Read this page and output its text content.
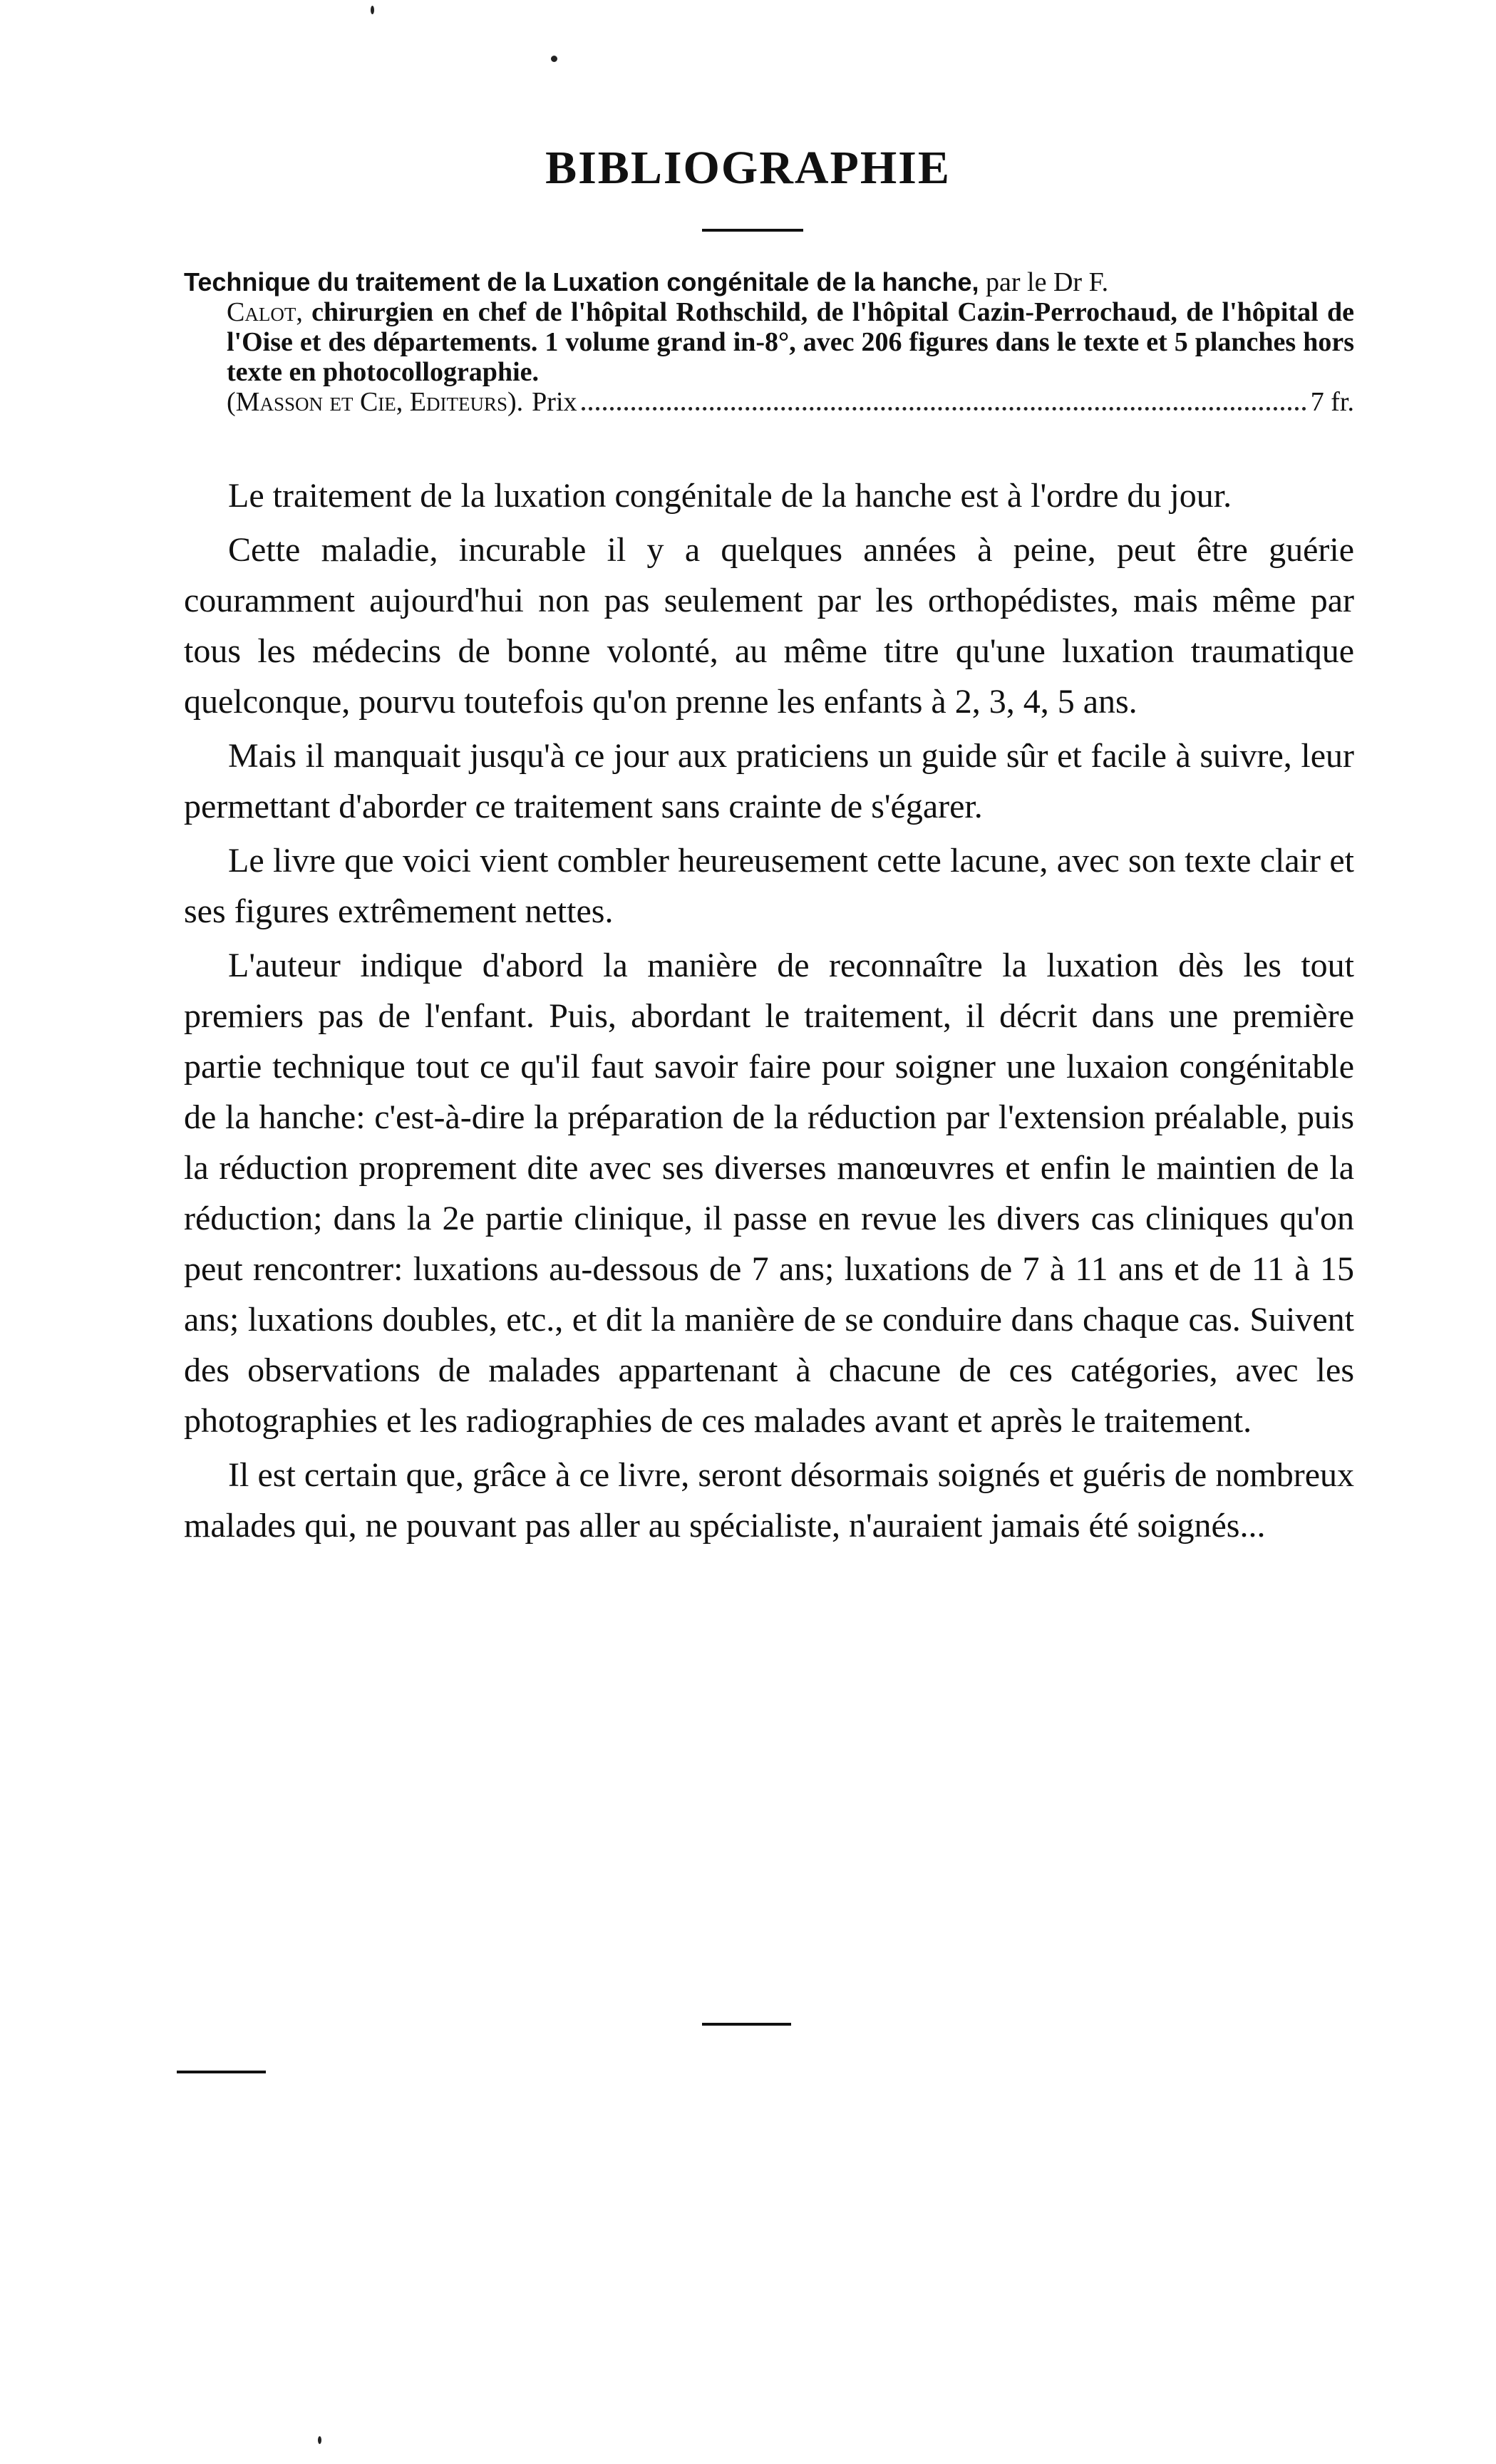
BIBLIOGRAPHIE
Technique du traitement de la Luxation congénitale de la hanche, par le Dr F.
Calot, chirurgien en chef de l'hôpital Rothschild, de l'hôpital Cazin-Perrochaud, de l'hôpital de l'Oise et des départements. 1 volume grand in-8°, avec 206 figures dans le texte et 5 planches hors texte en photocollographie.
(Masson et Cie, Editeurs). Prix	7 fr.

Le traitement de la luxation congénitale de la hanche est à l'ordre du jour.

Cette maladie, incurable il y a quelques années à peine, peut être guérie couramment aujourd'hui non pas seulement par les orthopédistes, mais même par tous les médecins de bonne volonté, au même titre qu'une luxation traumatique quelconque, pourvu toutefois qu'on prenne les enfants à 2, 3, 4, 5 ans.

Mais il manquait jusqu'à ce jour aux praticiens un guide sûr et facile à suivre, leur permettant d'aborder ce traitement sans crainte de s'égarer.

Le livre que voici vient combler heureusement cette lacune, avec son texte clair et ses figures extrêmement nettes.

L'auteur indique d'abord la manière de reconnaître la luxation dès les tout premiers pas de l'enfant. Puis, abordant le traitement, il décrit dans une première partie technique tout ce qu'il faut savoir faire pour soigner une luxaion congénitable de la hanche: c'est-à-dire la préparation de la réduction par l'extension préalable, puis la réduction proprement dite avec ses diverses manœuvres et enfin le maintien de la réduction; dans la 2e partie clinique, il passe en revue les divers cas cliniques qu'on peut rencontrer: luxations au-dessous de 7 ans; luxations de 7 à 11 ans et de 11 à 15 ans; luxations doubles, etc., et dit la manière de se conduire dans chaque cas. Suivent des observations de malades appartenant à chacune de ces catégories, avec les photographies et les radiographies de ces malades avant et après le traitement.

Il est certain que, grâce à ce livre, seront désormais soignés et guéris de nombreux malades qui, ne pouvant pas aller au spécialiste, n'auraient jamais été soignés...
